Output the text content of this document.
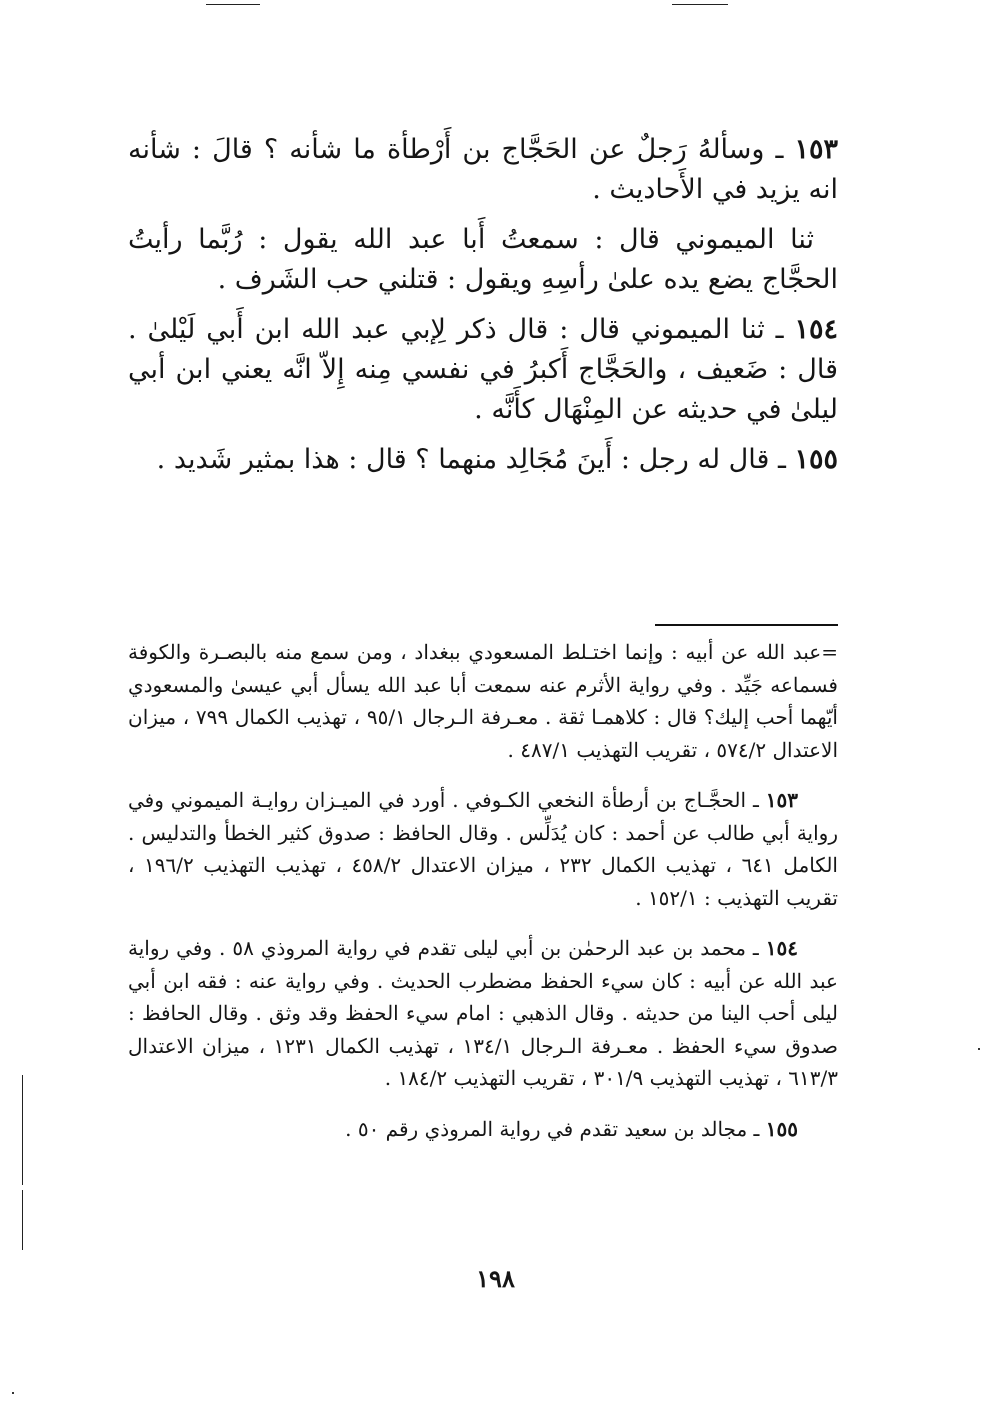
١٥٣ ـ وسألهُ رَجلٌ عن الحَجَّاج بن أَرْطأة ما شأنه ؟ قالَ : شأنه انه يزيد في الأَحاديث .

ثنا الميموني قال : سمعتُ أَبا عبد الله يقول : رُبَّما رأيتُ الحجَّاج يضع يده علىٰ رأسِهِ ويقول : قتلني حب الشَرف .

١٥٤ ـ ثنا الميموني قال : قال ذكر لِإبي عبد الله ابن أَبي لَيْلىٰ . قال : ضَعيف ، والحَجَّاج أَكبرُ في نفسي مِنه إِلاّ انَّه يعني ابن أبي ليلىٰ في حديثه عن المِنْهَال كأَنَّه .

١٥٥ ـ قال له رجل : أَينَ مُجَالِد منهما ؟ قال : هذا بمثير شَديد .

=عبد الله عن أبيه : وإنما اختـلط المسعودي ببغداد ، ومن سمع منه بالبصـرة والكوفة فسماعه جَيِّد . وفي رواية الأثرم عنه سمعت أبا عبد الله يسأل أبي عيسىٰ والمسعودي أيّهما أحب إليك؟ قال : كلاهمـا ثقة . معـرفة الـرجال ٩٥/١ ، تهذيب الكمال ٧٩٩ ، ميزان الاعتدال ٥٧٤/٢ ، تقريب التهذيب ٤٨٧/١ .

١٥٣ ـ الحجَّـاج بن أرطأة النخعي الكـوفي . أورد في الميـزان روايـة الميموني وفي رواية أبي طالب عن أحمد : كان يُدَلِّس . وقال الحافظ : صدوق كثير الخطأ والتدليس . الكامل ٦٤١ ، تهذيب الكمال ٢٣٢ ، ميزان الاعتدال ٤٥٨/٢ ، تهذيب التهذيب ١٩٦/٢ ، تقريب التهذيب : ١٥٢/١ .

١٥٤ ـ محمد بن عبد الرحمٰن بن أبي ليلى تقدم في رواية المروذي ٥٨ . وفي رواية عبد الله عن أبيه : كان سيء الحفظ مضطرب الحديث . وفي رواية عنه : فقه ابن أبي ليلى أحب الينا من حديثه . وقال الذهبي : امام سيء الحفظ وقد وثق . وقال الحافظ : صدوق سيء الحفظ . معـرفة الـرجال ١٣٤/١ ، تهذيب الكمال ١٢٣١ ، ميزان الاعتدال ٦١٣/٣ ، تهذيب التهذيب ٣٠١/٩ ، تقريب التهذيب ١٨٤/٢ .

١٥٥ ـ مجالد بن سعيد تقدم في رواية المروذي رقم ٥٠ .

١٩٨
